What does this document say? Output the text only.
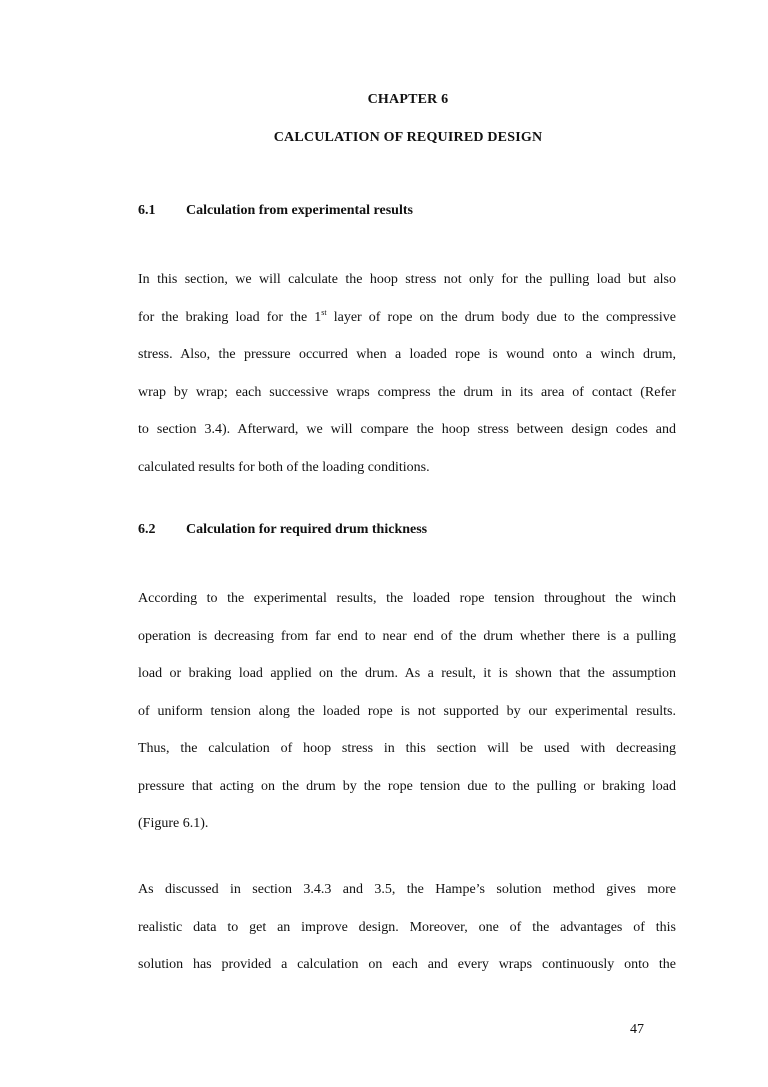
CHAPTER 6
CALCULATION OF REQUIRED DESIGN
6.1 Calculation from experimental results
In this section, we will calculate the hoop stress not only for the pulling load but also
for the braking load for the 1st layer of rope on the drum body due to the compressive
stress. Also, the pressure occurred when a loaded rope is wound onto a winch drum,
wrap by wrap; each successive wraps compress the drum in its area of contact (Refer
to section 3.4). Afterward, we will compare the hoop stress between design codes and
calculated results for both of the loading conditions.
6.2 Calculation for required drum thickness
According to the experimental results, the loaded rope tension throughout the winch
operation is decreasing from far end to near end of the drum whether there is a pulling
load or braking load applied on the drum. As a result, it is shown that the assumption
of uniform tension along the loaded rope is not supported by our experimental results.
Thus, the calculation of hoop stress in this section will be used with decreasing
pressure that acting on the drum by the rope tension due to the pulling or braking load
(Figure 6.1).
As discussed in section 3.4.3 and 3.5, the Hampe’s solution method gives more
realistic data to get an improve design. Moreover, one of the advantages of this
solution has provided a calculation on each and every wraps continuously onto the
47
